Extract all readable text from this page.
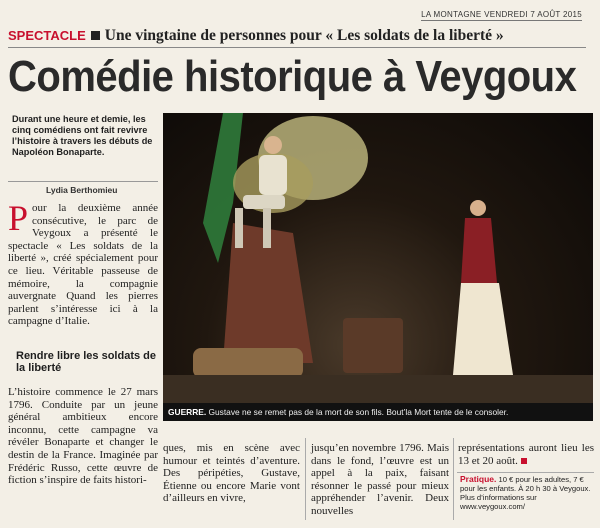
LA MONTAGNE VENDREDI 7 AOÛT 2015
SPECTACLE Une vingtaine de personnes pour « Les soldats de la liberté »
Comédie historique à Veygoux

Durant une heure et demie, les cinq comédiens ont fait revivre l’histoire à travers les débuts de Napoléon Bonaparte.

Lydia Berthomieu
Pour la deuxième année consécutive, le parc de Veygoux a présenté le spectacle « Les soldats de la liberté », créé spécialement pour ce lieu. Véritable passeuse de mémoire, la compagnie auvergnate Quand les pierres parlent s’intéresse ici à la campagne d’Italie.
Rendre libre les soldats de la liberté
L’histoire commence le 27 mars 1796. Conduite par un jeune général ambitieux encore inconnu, cette campagne va révéler Bonaparte et changer le destin de la France. Imaginée par Frédéric Russo, cette œuvre de fiction s’inspire de faits histori-
GUERRE. Gustave ne se remet pas de la mort de son fils. Bout’la Mort tente de le consoler.
ques, mis en scène avec humour et teintés d’aventure. Des péripéties, Gustave, Étienne ou encore Marie vont d’ailleurs en vivre,
jusqu’en novembre 1796. Mais dans le fond, l’œuvre est un appel à la paix, faisant résonner le passé pour mieux appréhender l’avenir. Deux nouvelles
représentations auront lieu les 13 et 20 août.
Pratique. 10 € pour les adultes, 7 € pour les enfants. À 20 h 30 à Veygoux. Plus d’informations sur www.veygoux.com/
